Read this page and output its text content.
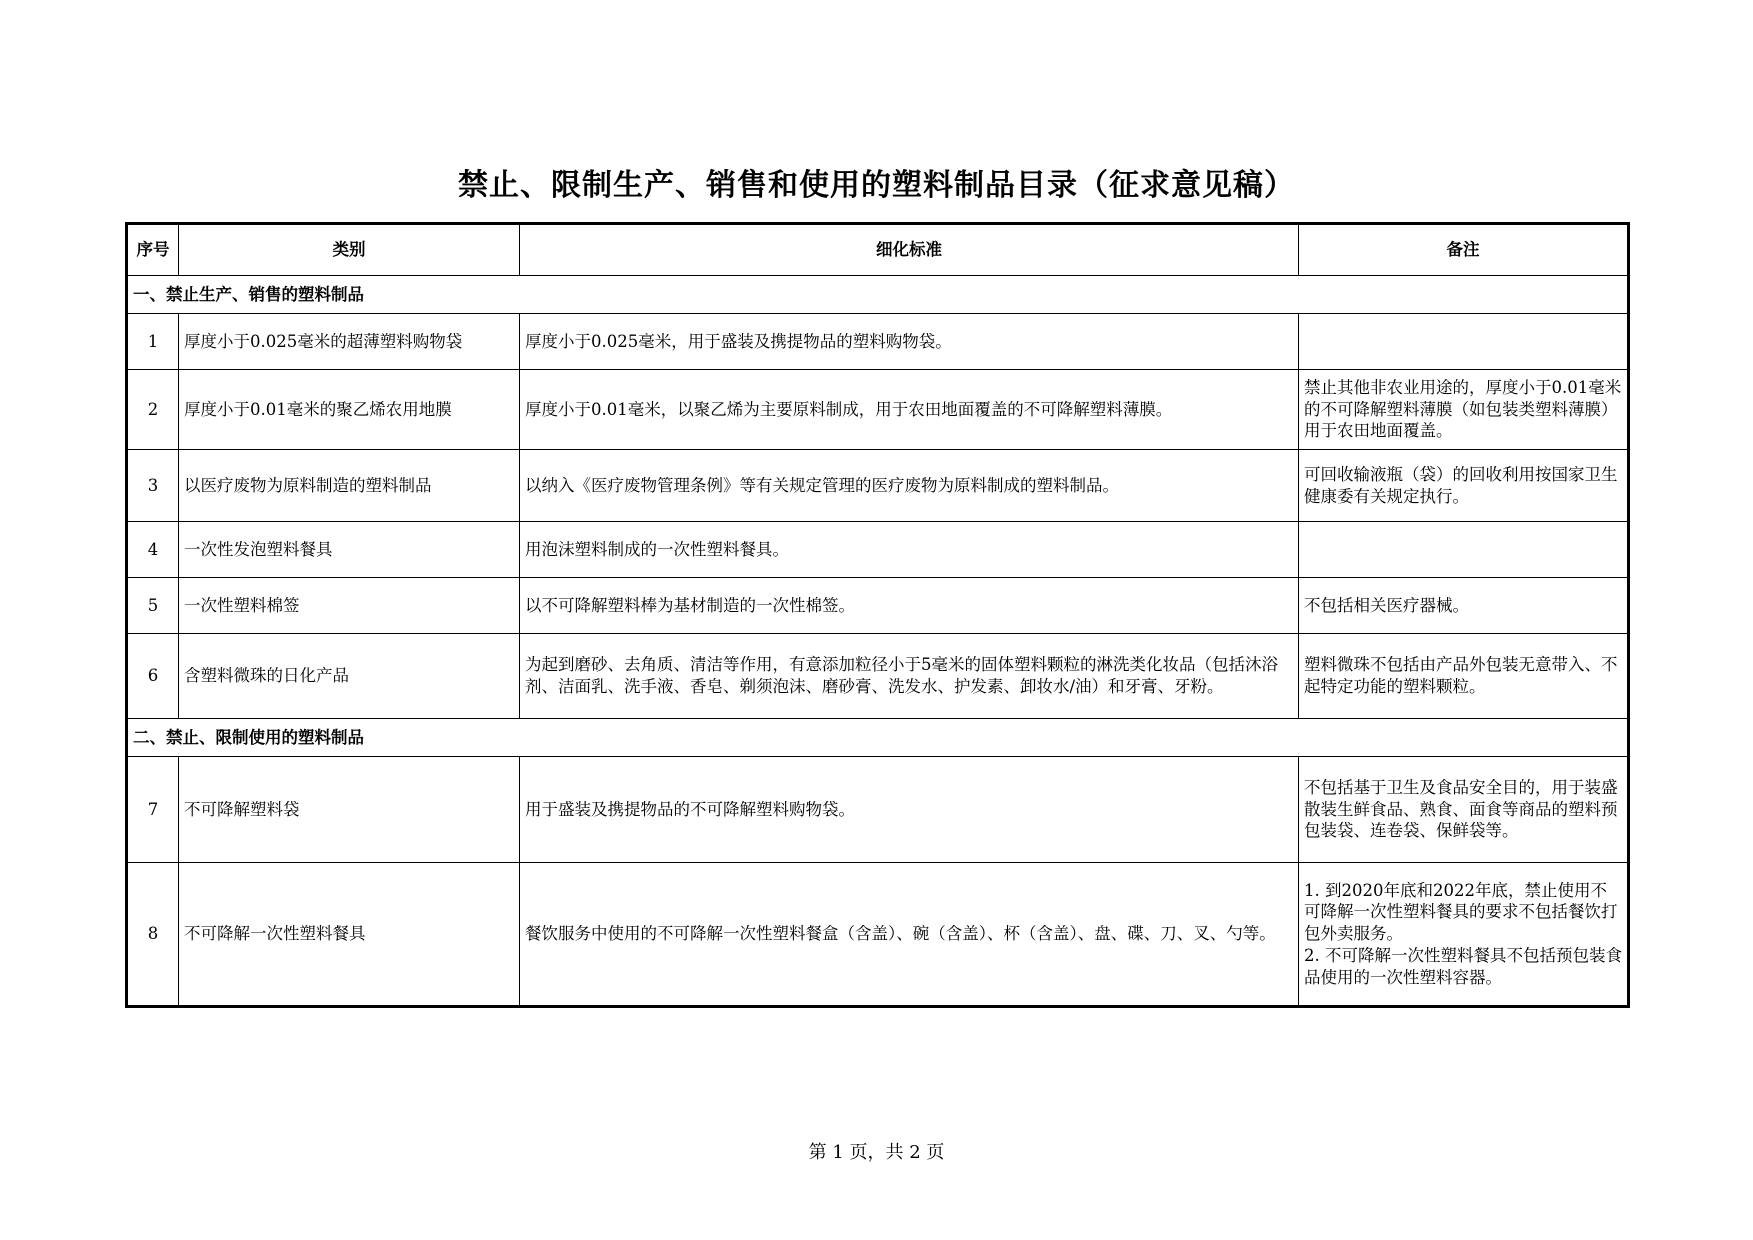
禁止、限制生产、销售和使用的塑料制品目录（征求意见稿）
序号	类别	细化标准	备注
一、禁止生产、销售的塑料制品			
1	厚度小于0.025毫米的超薄塑料购物袋	厚度小于0.025毫米，用于盛装及携提物品的塑料购物袋。	
2	厚度小于0.01毫米的聚乙烯农用地膜	厚度小于0.01毫米，以聚乙烯为主要原料制成，用于农田地面覆盖的不可降解塑料薄膜。	禁止其他非农业用途的，厚度小于0.01毫米的不可降解塑料薄膜（如包装类塑料薄膜）用于农田地面覆盖。
3	以医疗废物为原料制造的塑料制品	以纳入《医疗废物管理条例》等有关规定管理的医疗废物为原料制成的塑料制品。	可回收输液瓶（袋）的回收利用按国家卫生健康委有关规定执行。
4	一次性发泡塑料餐具	用泡沫塑料制成的一次性塑料餐具。	
5	一次性塑料棉签	以不可降解塑料棒为基材制造的一次性棉签。	不包括相关医疗器械。
6	含塑料微珠的日化产品	为起到磨砂、去角质、清洁等作用，有意添加粒径小于5毫米的固体塑料颗粒的淋洗类化妆品（包括沐浴剂、洁面乳、洗手液、香皂、剃须泡沫、磨砂膏、洗发水、护发素、卸妆水/油）和牙膏、牙粉。	塑料微珠不包括由产品外包装无意带入、不起特定功能的塑料颗粒。
二、禁止、限制使用的塑料制品			
7	不可降解塑料袋	用于盛装及携提物品的不可降解塑料购物袋。	不包括基于卫生及食品安全目的，用于装盛散装生鲜食品、熟食、面食等商品的塑料预包装袋、连卷袋、保鲜袋等。
8	不可降解一次性塑料餐具	餐饮服务中使用的不可降解一次性塑料餐盒（含盖）、碗（含盖）、杯（含盖）、盘、碟、刀、叉、勺等。	1. 到2020年底和2022年底，禁止使用不可降解一次性塑料餐具的要求不包括餐饮打包外卖服务。
2. 不可降解一次性塑料餐具不包括预包装食品使用的一次性塑料容器。
第 1 页，共 2 页
